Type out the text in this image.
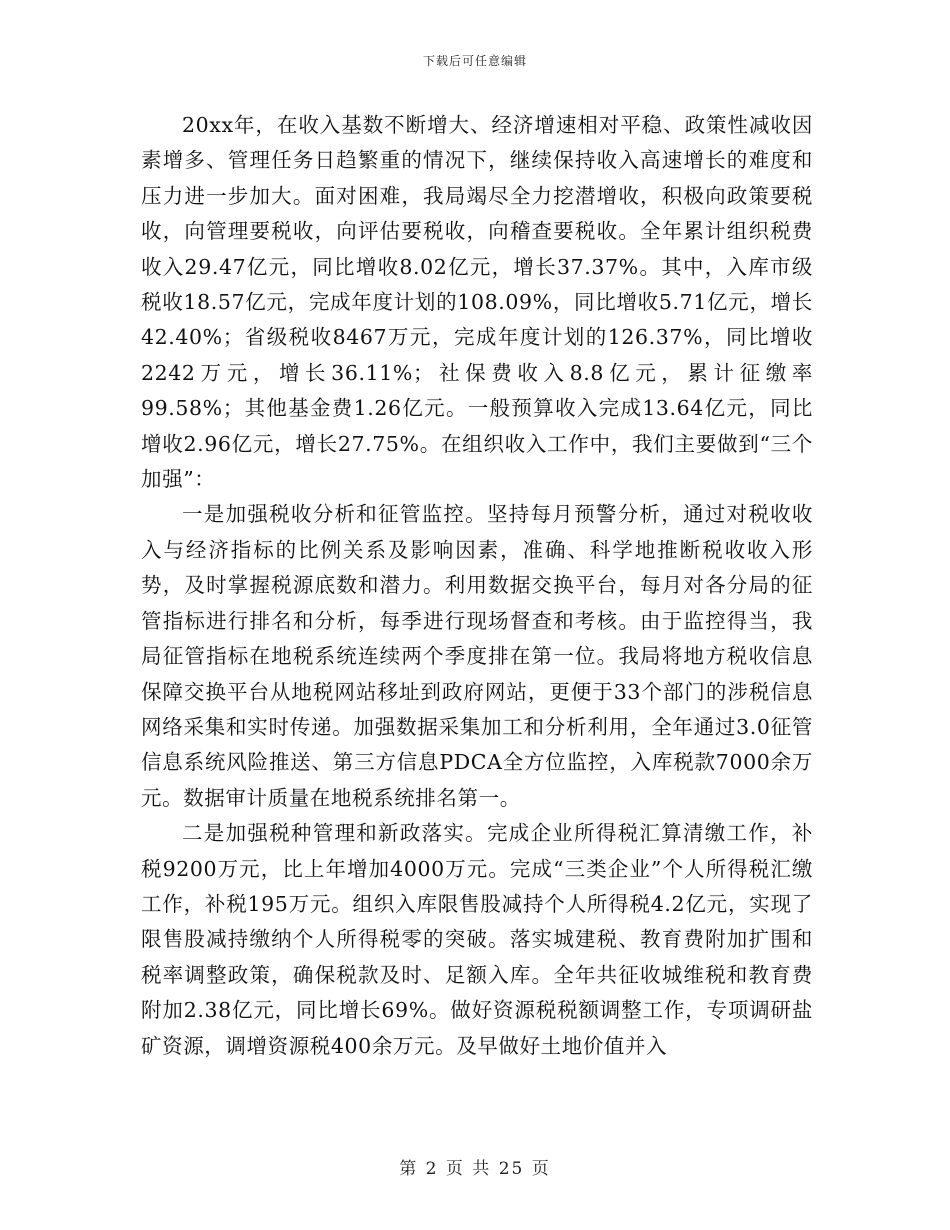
下载后可任意编辑

20xx年，在收入基数不断增大、经济增速相对平稳、政策性减收因素增多、管理任务日趋繁重的情况下，继续保持收入高速增长的难度和压力进一步加大。面对困难，我局竭尽全力挖潜增收，积极向政策要税收，向管理要税收，向评估要税收，向稽查要税收。全年累计组织税费收入29.47亿元，同比增收8.02亿元，增长37.37%。其中，入库市级税收18.57亿元，完成年度计划的108.09%，同比增收5.71亿元，增长42.40%；省级税收8467万元，完成年度计划的126.37%，同比增收2242万元，增长36.11%；社保费收入8.8亿元，累计征缴率99.58%；其他基金费1.26亿元。一般预算收入完成13.64亿元，同比增收2.96亿元，增长27.75%。在组织收入工作中，我们主要做到“三个加强”：

一是加强税收分析和征管监控。坚持每月预警分析，通过对税收收入与经济指标的比例关系及影响因素，准确、科学地推断税收收入形势，及时掌握税源底数和潜力。利用数据交换平台，每月对各分局的征管指标进行排名和分析，每季进行现场督查和考核。由于监控得当，我局征管指标在地税系统连续两个季度排在第一位。我局将地方税收信息保障交换平台从地税网站移址到政府网站，更便于33个部门的涉税信息网络采集和实时传递。加强数据采集加工和分析利用，全年通过3.0征管信息系统风险推送、第三方信息PDCA全方位监控，入库税款7000余万元。数据审计质量在地税系统排名第一。

二是加强税种管理和新政落实。完成企业所得税汇算清缴工作，补税9200万元，比上年增加4000万元。完成“三类企业”个人所得税汇缴工作，补税195万元。组织入库限售股减持个人所得税4.2亿元，实现了限售股减持缴纳个人所得税零的突破。落实城建税、教育费附加扩围和税率调整政策，确保税款及时、足额入库。全年共征收城维税和教育费附加2.38亿元，同比增长69%。做好资源税税额调整工作，专项调研盐矿资源，调增资源税400余万元。及早做好土地价值并入

第 2 页 共 25 页
